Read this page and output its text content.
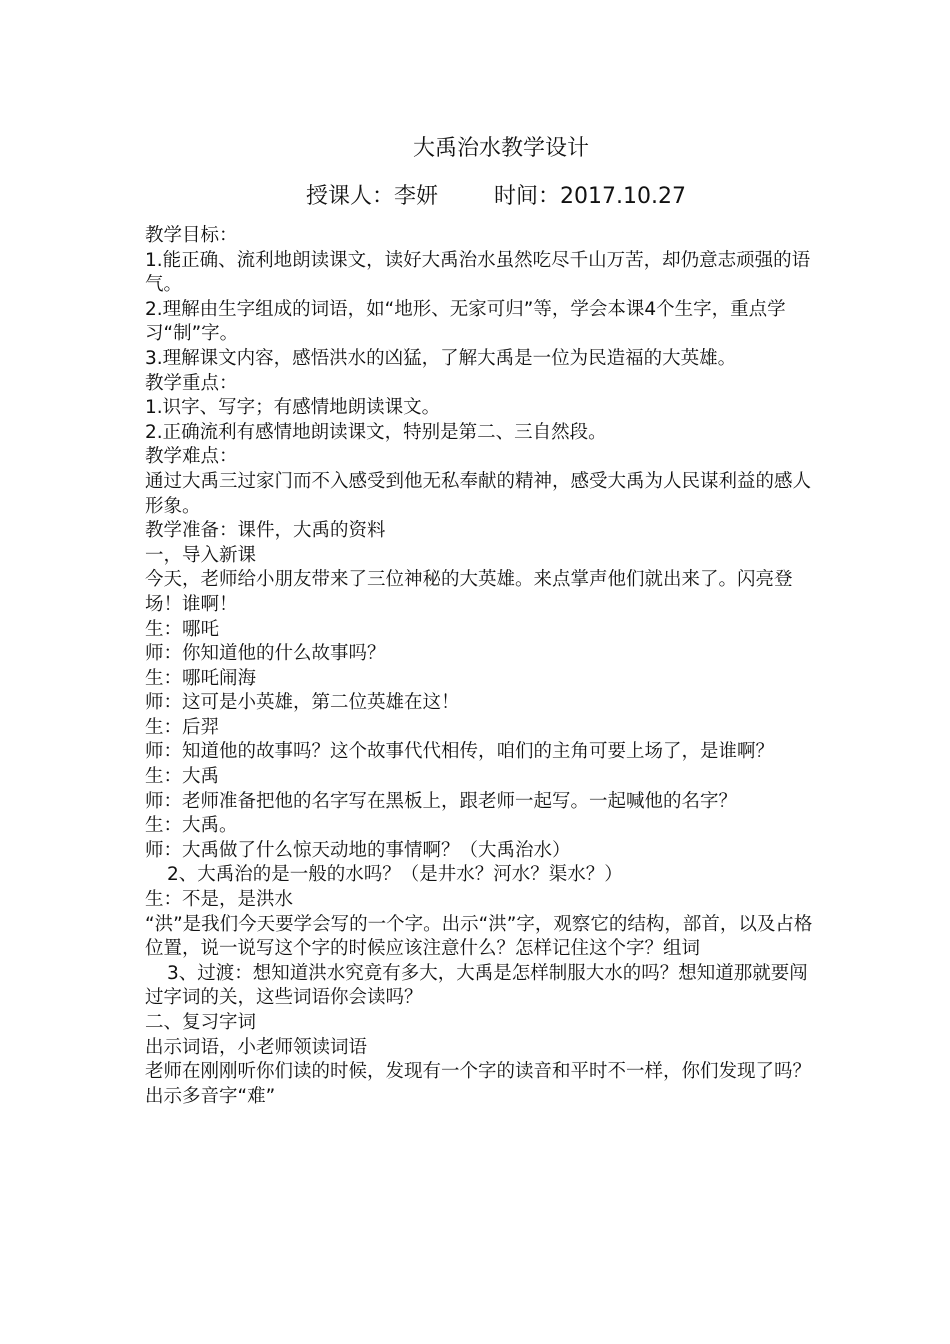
大禹治水教学设计
授课人：李妍        时间：2017.10.27

教学目标：

1.能正确、流利地朗读课文，读好大禹治水虽然吃尽千山万苦，却仍意志顽强的语气。

2.理解由生字组成的词语，如“地形、无家可归”等，学会本课4个生字，重点学习“制”字。

3.理解课文内容，感悟洪水的凶猛，了解大禹是一位为民造福的大英雄。

教学重点：

1.识字、写字；有感情地朗读课文。

2.正确流利有感情地朗读课文，特别是第二、三自然段。

教学难点：

通过大禹三过家门而不入感受到他无私奉献的精神，感受大禹为人民谋利益的感人形象。

教学准备：课件，大禹的资料

一，导入新课

今天，老师给小朋友带来了三位神秘的大英雄。来点掌声他们就出来了。闪亮登场！谁啊！

生：哪吒

师：你知道他的什么故事吗？

生：哪吒闹海

师：这可是小英雄，第二位英雄在这！

生：后羿

师：知道他的故事吗？这个故事代代相传，咱们的主角可要上场了，是谁啊？

生：大禹

师：老师准备把他的名字写在黑板上，跟老师一起写。一起喊他的名字？

生：大禹。

师：大禹做了什么惊天动地的事情啊？（大禹治水）

2、大禹治的是一般的水吗？（是井水？河水？渠水？）

生：不是，是洪水

“洪”是我们今天要学会写的一个字。出示“洪”字，观察它的结构，部首，以及占格位置，说一说写这个字的时候应该注意什么？怎样记住这个字？组词

3、过渡：想知道洪水究竟有多大，大禹是怎样制服大水的吗？想知道那就要闯过字词的关，这些词语你会读吗？

二、复习字词

出示词语，小老师领读词语

老师在刚刚听你们读的时候，发现有一个字的读音和平时不一样，你们发现了吗？出示多音字“难”
